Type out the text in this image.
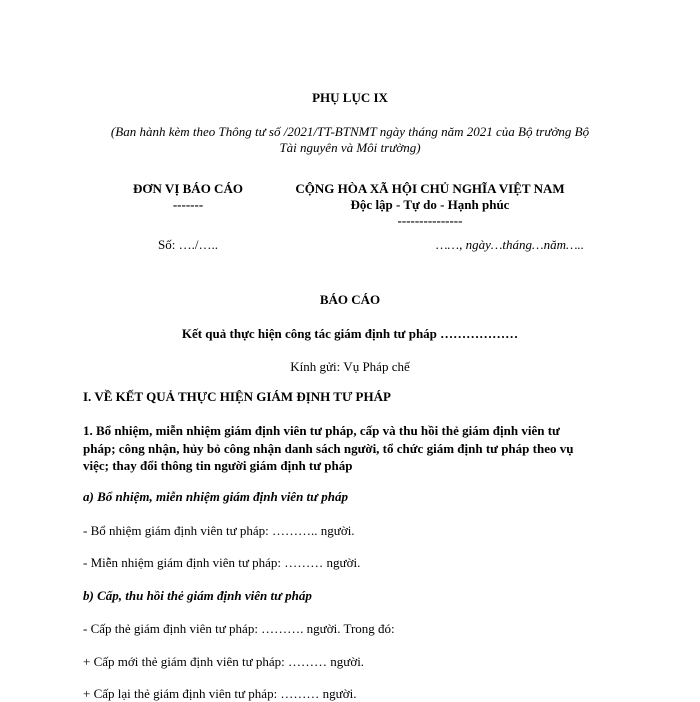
PHỤ LỤC IX
(Ban hành kèm theo Thông tư số /2021/TT-BTNMT ngày tháng năm 2021 của Bộ trưởng Bộ
Tài nguyên và Môi trường)
ĐƠN VỊ BÁO CÁO
-------
CỘNG HÒA XÃ HỘI CHỦ NGHĨA VIỆT NAM
Độc lập - Tự do - Hạnh phúc
---------------
Số: …./…..	……, ngày…tháng…năm…..
BÁO CÁO
Kết quả thực hiện công tác giám định tư pháp ………………
Kính gửi: Vụ Pháp chế
I. VỀ KẾT QUẢ THỰC HIỆN GIÁM ĐỊNH TƯ PHÁP
1. Bổ nhiệm, miễn nhiệm giám định viên tư pháp, cấp và thu hồi thẻ giám định viên tư
pháp; công nhận, hủy bỏ công nhận danh sách người, tổ chức giám định tư pháp theo vụ
việc; thay đổi thông tin người giám định tư pháp
a) Bổ nhiệm, miễn nhiệm giám định viên tư pháp
- Bổ nhiệm giám định viên tư pháp: ……….. người.
- Miễn nhiệm giám định viên tư pháp: ……… người.
b) Cấp, thu hồi thẻ giám định viên tư pháp
- Cấp thẻ giám định viên tư pháp: ………. người. Trong đó:
+ Cấp mới thẻ giám định viên tư pháp: ……… người.
+ Cấp lại thẻ giám định viên tư pháp: ……… người.
